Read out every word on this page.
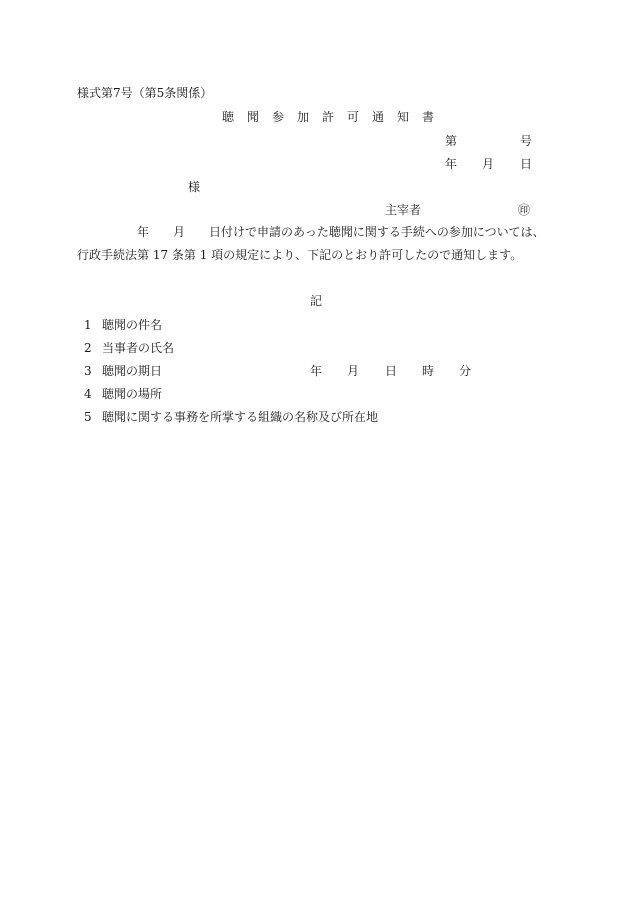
様式第7号（第5条関係）
聴　聞　参　加　許　可　通　知　書
第	号
年 月 日
様
主宰者	㊞
　　　　　年　　月　　日付けで申請のあった聴聞に関する手続への参加については、
行政手続法第 17 条第 1 項の規定により、下記のとおり許可したので通知します。
記
1 聴聞の件名
2 当事者の氏名
3 聴聞の期日	年 月 日 時 分
4 聴聞の場所
5 聴聞に関する事務を所掌する組織の名称及び所在地
